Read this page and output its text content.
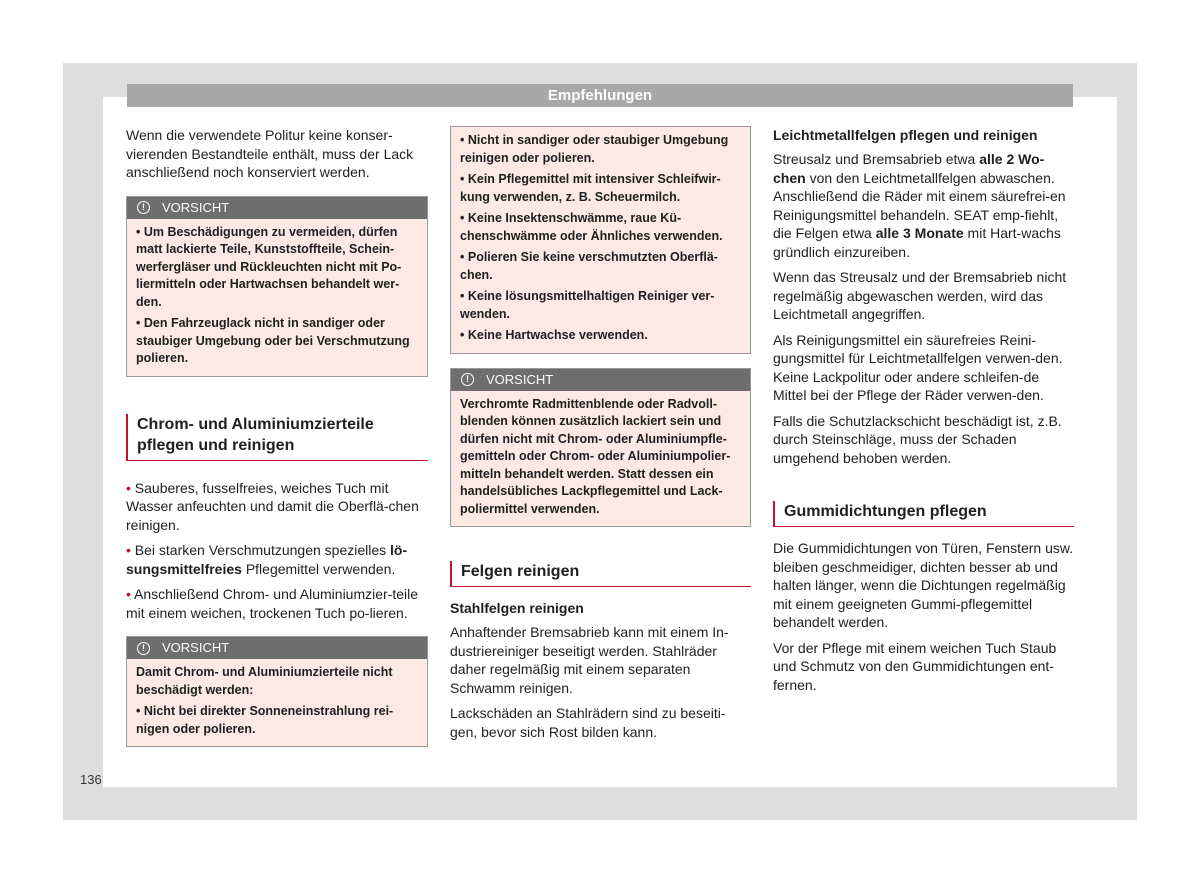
Empfehlungen

Wenn die verwendete Politur keine konser-vierenden Bestandteile enthält, muss der Lack anschließend noch konserviert werden.

!	VORSICHT

• Um Beschädigungen zu vermeiden, dürfen matt lackierte Teile, Kunststoffteile, Schein-werfergläser und Rückleuchten nicht mit Po-liermitteln oder Hartwachsen behandelt wer-den.

• Den Fahrzeuglack nicht in sandiger oder staubiger Umgebung oder bei Verschmutzung polieren.

Chrom- und Aluminiumzierteile pflegen und reinigen

• Sauberes, fusselfreies, weiches Tuch mit Wasser anfeuchten und damit die Oberflä-chen reinigen.

• Bei starken Verschmutzungen spezielles lö-sungsmittelfreies Pflegemittel verwenden.

• Anschließend Chrom- und Aluminiumzier-teile mit einem weichen, trockenen Tuch po-lieren.

!	VORSICHT

Damit Chrom- und Aluminiumzierteile nicht beschädigt werden:

• Nicht bei direkter Sonneneinstrahlung rei-nigen oder polieren.

• Nicht in sandiger oder staubiger Umgebung reinigen oder polieren.

• Kein Pflegemittel mit intensiver Schleifwir-kung verwenden, z. B. Scheuermilch.

• Keine Insektenschwämme, raue Kü-chenschwämme oder Ähnliches verwenden.

• Polieren Sie keine verschmutzten Oberflä-chen.

• Keine lösungsmittelhaltigen Reiniger ver-wenden.

• Keine Hartwachse verwenden.

!	VORSICHT

Verchromte Radmittenblende oder Radvoll-blenden können zusätzlich lackiert sein und dürfen nicht mit Chrom- oder Aluminiumpfle-gemitteln oder Chrom- oder Aluminiumpolier-mitteln behandelt werden. Statt dessen ein handelsübliches Lackpflegemittel und Lack-poliermittel verwenden.

Felgen reinigen
Stahlfelgen reinigen

Anhaftender Bremsabrieb kann mit einem In-dustriereiniger beseitigt werden. Stahlräder daher regelmäßig mit einem separaten Schwamm reinigen.

Lackschäden an Stahlrädern sind zu beseiti-gen, bevor sich Rost bilden kann.

Leichtmetallfelgen pflegen und reinigen

Streusalz und Bremsabrieb etwa alle 2 Wo-chen von den Leichtmetallfelgen abwaschen. Anschließend die Räder mit einem säurefrei-en Reinigungsmittel behandeln. SEAT emp-fiehlt, die Felgen etwa alle 3 Monate mit Hart-wachs gründlich einzureiben.

Wenn das Streusalz und der Bremsabrieb nicht regelmäßig abgewaschen werden, wird das Leichtmetall angegriffen.

Als Reinigungsmittel ein säurefreies Reini-gungsmittel für Leichtmetallfelgen verwen-den. Keine Lackpolitur oder andere schleifen-de Mittel bei der Pflege der Räder verwen-den.

Falls die Schutzlackschicht beschädigt ist, z.B. durch Steinschläge, muss der Schaden umgehend behoben werden.

Gummidichtungen pflegen

Die Gummidichtungen von Türen, Fenstern usw. bleiben geschmeidiger, dichten besser ab und halten länger, wenn die Dichtungen regelmäßig mit einem geeigneten Gummi-pflegemittel behandelt werden.

Vor der Pflege mit einem weichen Tuch Staub und Schmutz von den Gummidichtungen ent-fernen.

136
